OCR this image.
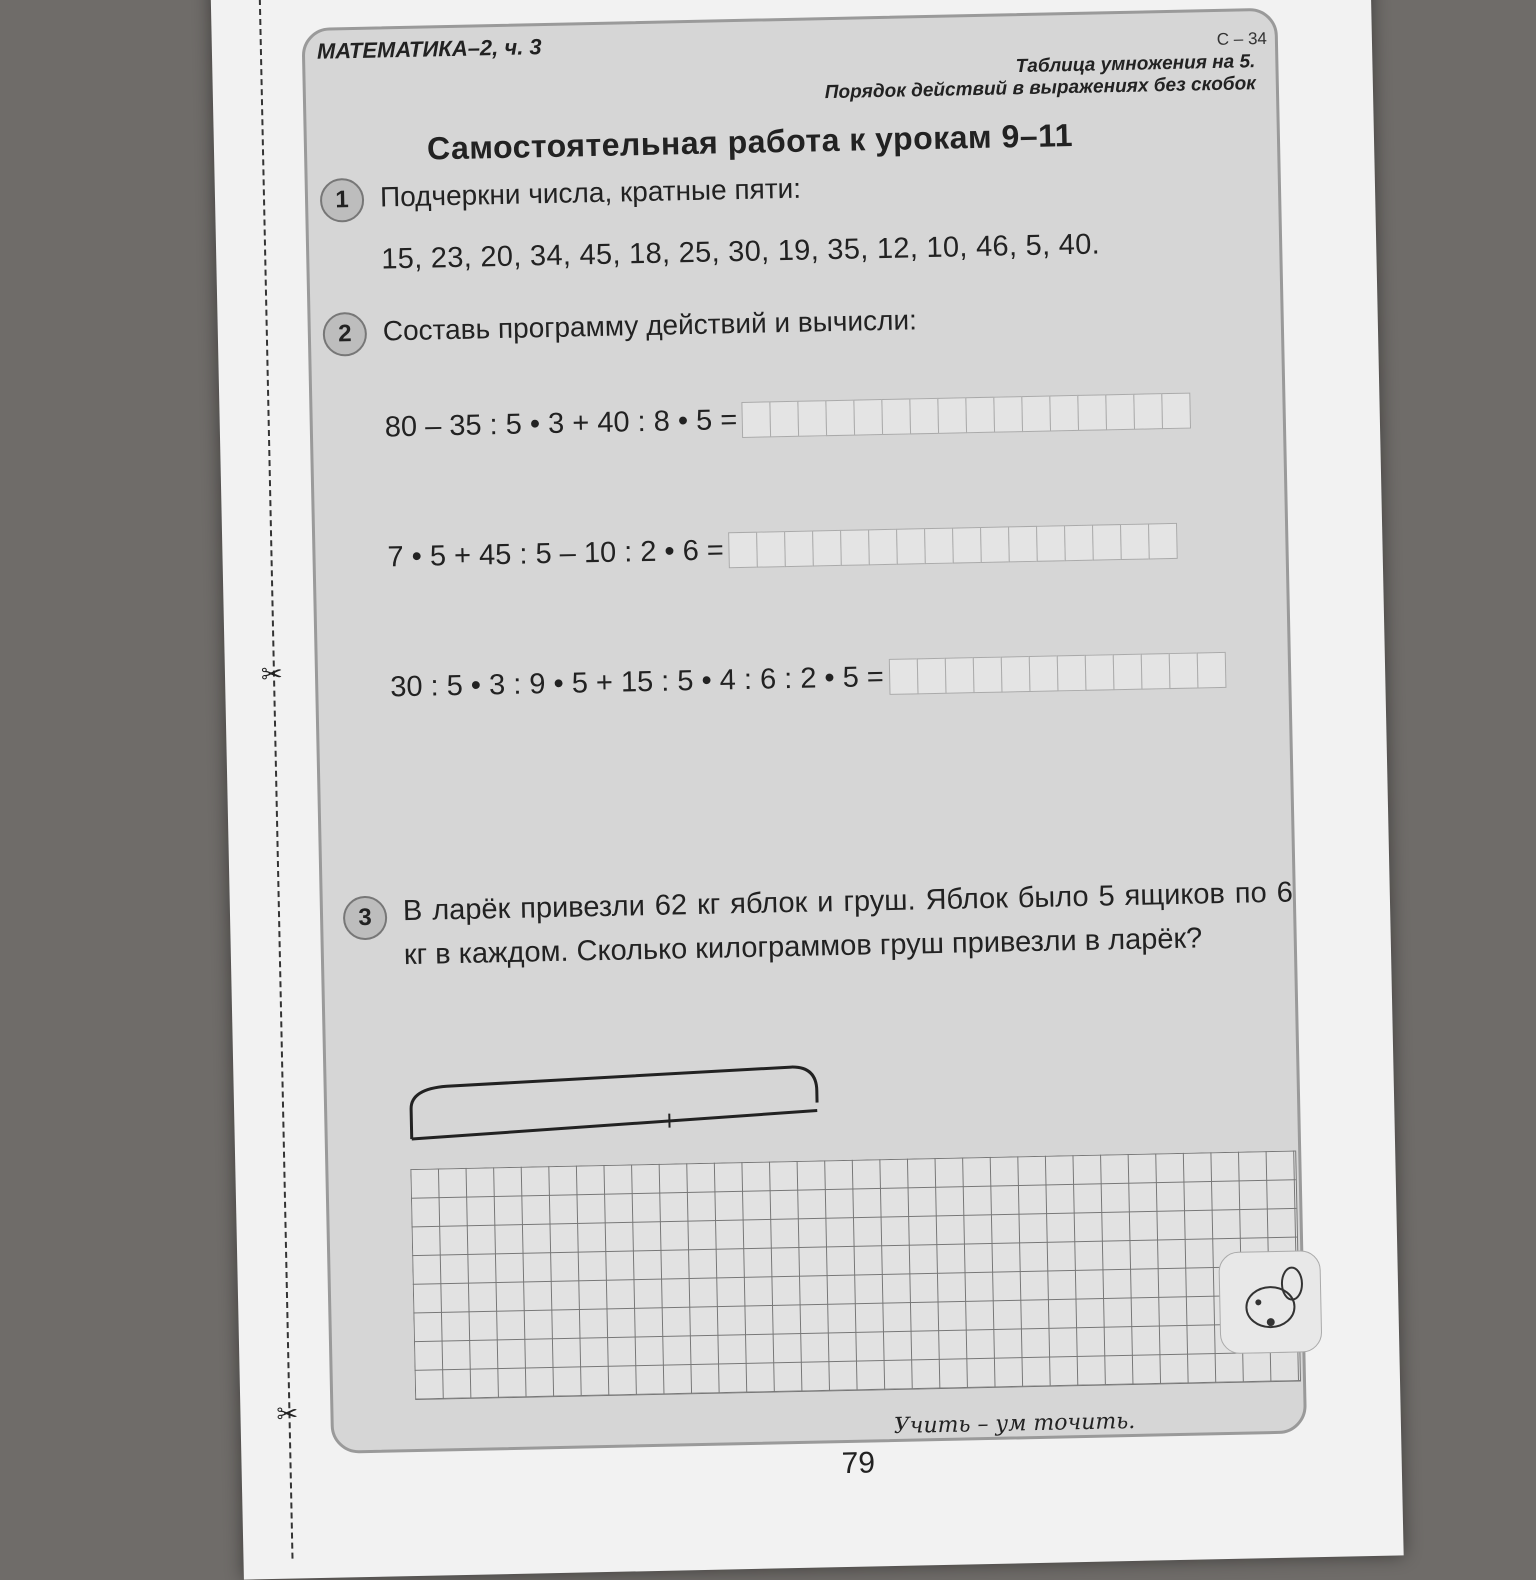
✂
✂
МАТЕМАТИКА–2, ч. 3	С – 34
Таблица умножения на 5.
Порядок действий в выражениях без скобок
Самостоятельная работа к урокам 9–11
1	Подчеркни числа, кратные пяти:
15, 23, 20, 34, 45, 18, 25, 30, 19, 35, 12, 10, 46, 5, 40.
2	Составь программу действий и вычисли:
80 – 35 : 5 • 3 + 40 : 8 • 5 =
7 • 5 + 45 : 5 – 10 : 2 • 6 =
30 : 5 • 3 : 9 • 5 + 15 : 5 • 4 : 6 : 2 • 5 =
3	В ларёк привезли 62 кг яблок и груш. Яблок было 5 ящиков по 6 кг в каждом. Сколько килограммов груш привезли в ларёк?
Учить – ум точить.
79
